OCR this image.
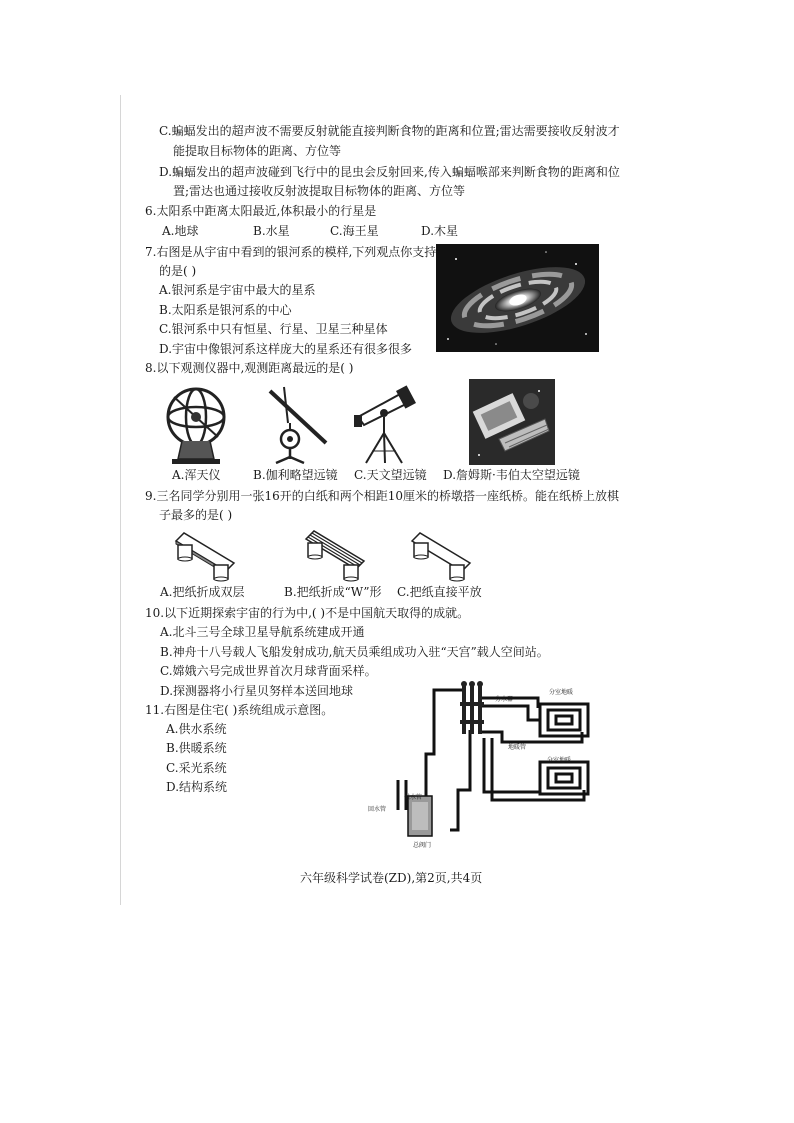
C.蝙蝠发出的超声波不需要反射就能直接判断食物的距离和位置;雷达需要接收反射波才
能提取目标物体的距离、方位等
D.蝙蝠发出的超声波碰到飞行中的昆虫会反射回来,传入蝙蝠喉部来判断食物的距离和位
置;雷达也通过接收反射波提取目标物体的距离、方位等
6.太阳系中距离太阳最近,体积最小的行星是
A.地球	B.水星	C.海王星	D.木星
7.右图是从宇宙中看到的银河系的模样,下列观点你支持
的是( )
A.银河系是宇宙中最大的星系
B.太阳系是银河系的中心
C.银河系中只有恒星、行星、卫星三种星体
D.宇宙中像银河系这样庞大的星系还有很多很多
8.以下观测仪器中,观测距离最远的是( )
A.浑天仪	B.伽利略望远镜 C.天文望远镜 D.詹姆斯·韦伯太空望远镜
9.三名同学分别用一张16开的白纸和两个相距10厘米的桥墩搭一座纸桥。能在纸桥上放棋
子最多的是( )
A.把纸折成双层	B.把纸折成“W”形 C.把纸直接平放
10.以下近期探索宇宙的行为中,( )不是中国航天取得的成就。
A.北斗三号全球卫星导航系统建成开通
B.神舟十八号载人飞船发射成功,航天员乘组成功入驻“天宫”载人空间站。
C.嫦娥六号完成世界首次月球背面采样。
D.探测器将小行星贝努样本送回地球
11.右图是住宅( )系统组成示意图。
A.供水系统
B.供暖系统
C.采光系统
D.结构系统
分水器
分室地暖
地暖管
分室地暖
供水管
回水管
总阀门
六年级科学试卷(ZD),第2页,共4页
